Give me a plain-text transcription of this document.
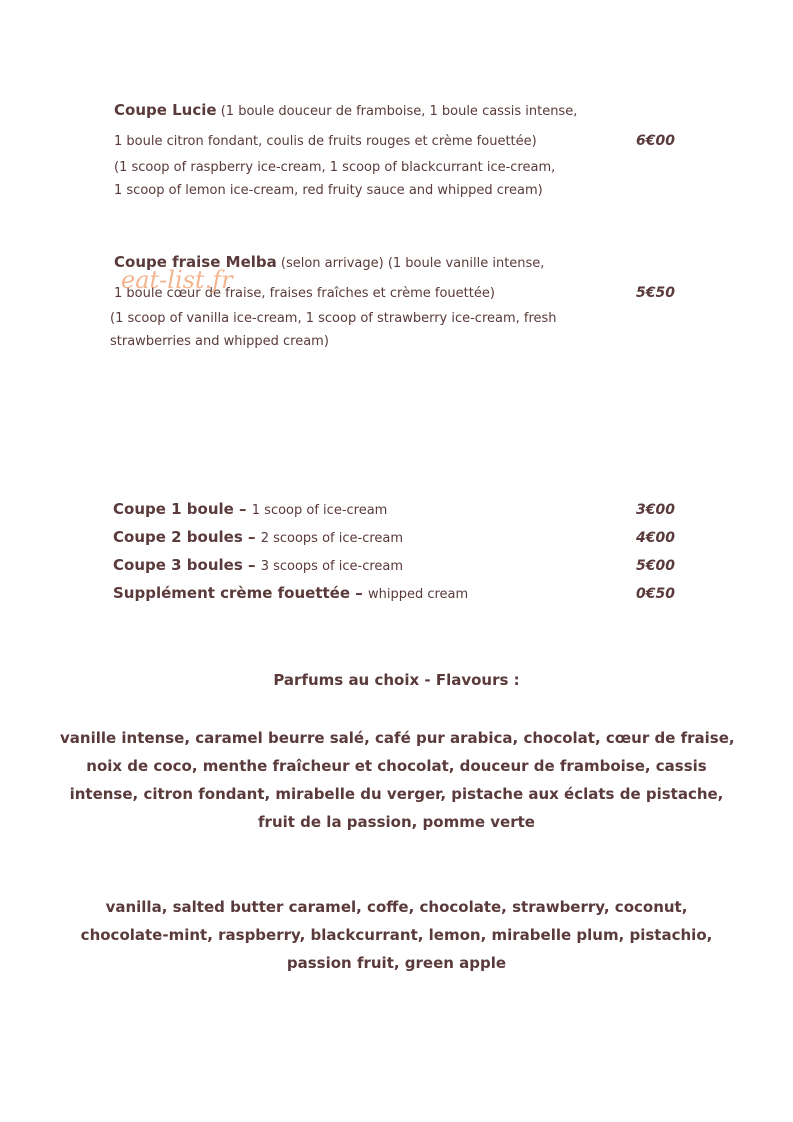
Coupe Lucie (1 boule douceur de framboise, 1 boule cassis intense,
1 boule citron fondant, coulis de fruits rouges et crème fouettée)	6€00
(1 scoop of raspberry ice-cream, 1 scoop of blackcurrant ice-cream,
1 scoop of lemon ice-cream, red fruity sauce and whipped cream)
Coupe fraise Melba (selon arrivage) (1 boule vanille intense,
1 boule cœur de fraise, fraises fraîches et crème fouettée)	5€50
(1 scoop of vanilla ice-cream, 1 scoop of strawberry ice-cream, fresh
strawberries and whipped cream)
eat-list.fr
Coupe 1 boule – 1 scoop of ice-cream	3€00
Coupe 2 boules – 2 scoops of ice-cream	4€00
Coupe 3 boules – 3 scoops of ice-cream	5€00
Supplément crème fouettée – whipped cream	0€50

Parfums au choix - Flavours :

vanille intense, caramel beurre salé, café pur arabica, chocolat, cœur de fraise,

noix de coco, menthe fraîcheur et chocolat, douceur de framboise, cassis

intense, citron fondant, mirabelle du verger, pistache aux éclats de pistache,

fruit de la passion, pomme verte

vanilla, salted butter caramel, coffe, chocolate, strawberry, coconut,

chocolate-mint, raspberry, blackcurrant, lemon, mirabelle plum, pistachio,

passion fruit, green apple
